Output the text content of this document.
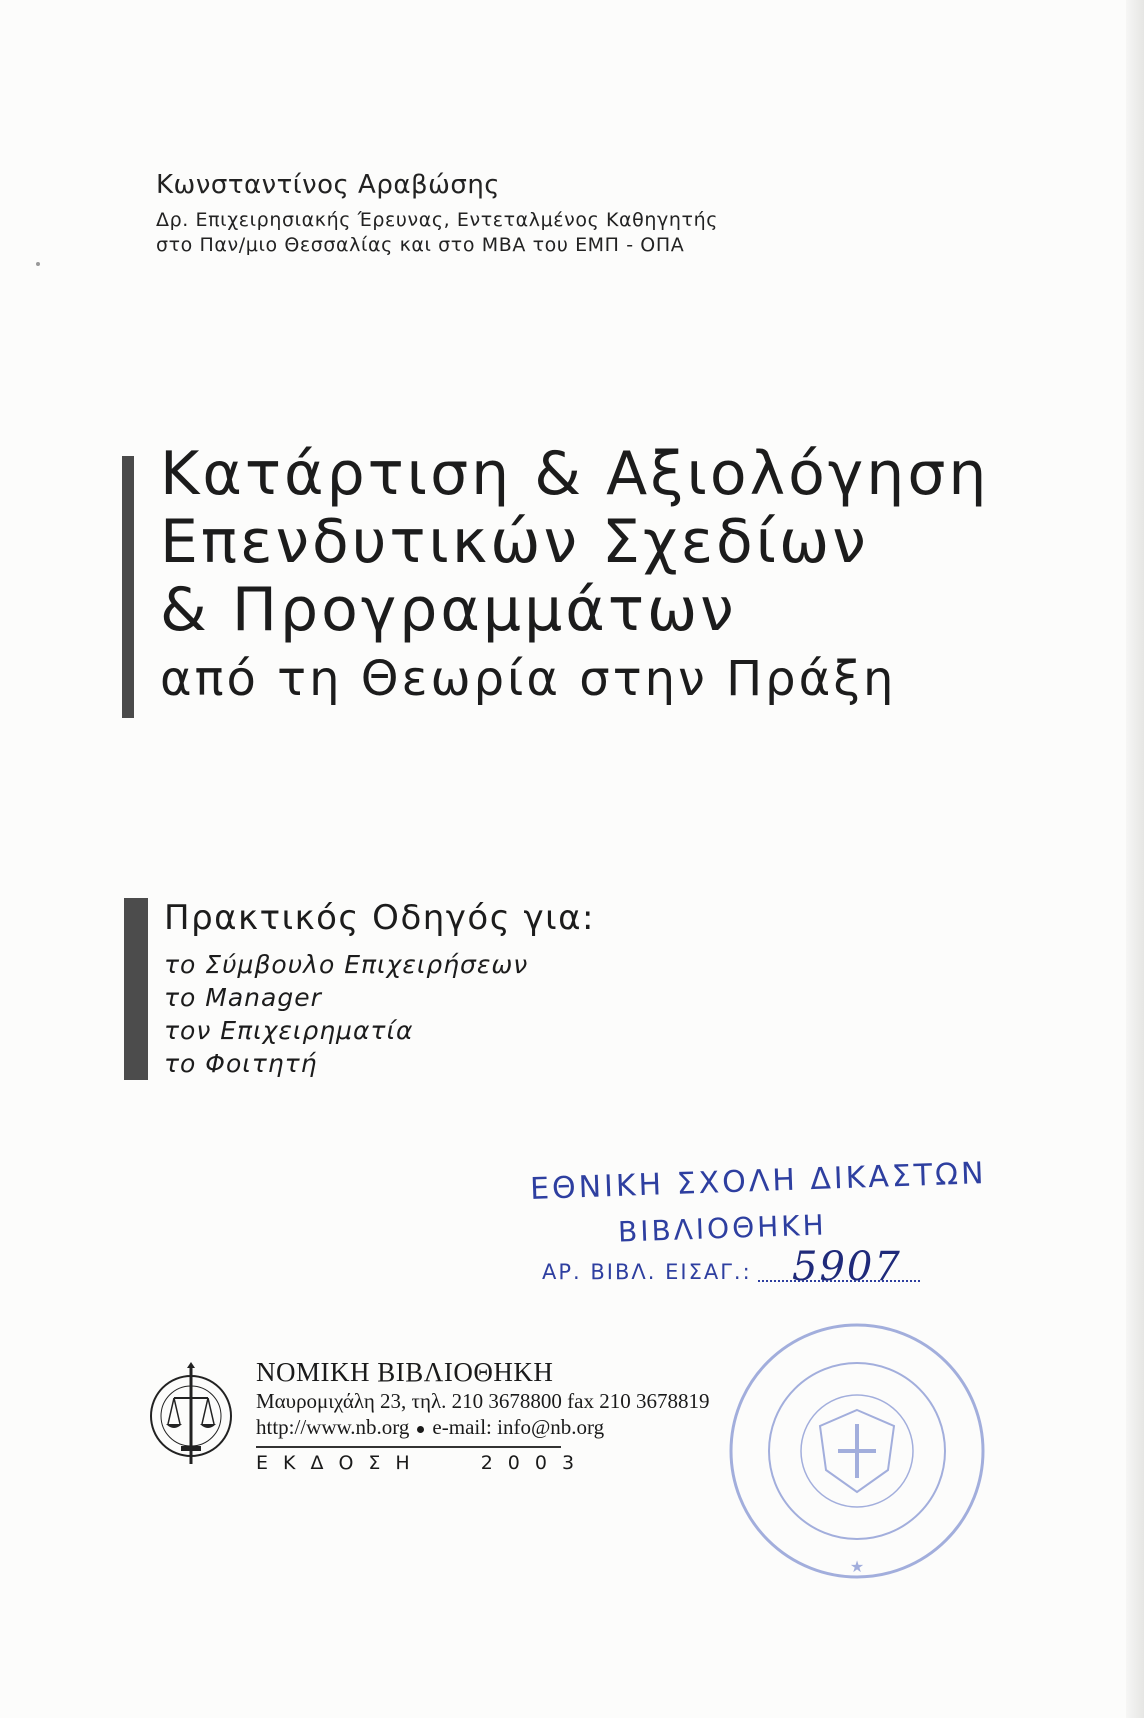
Κωνσταντίνος Αραβώσης
Δρ. Επιχειρησιακής Έρευνας, Εντεταλμένος Καθηγητής
στο Παν/μιο Θεσσαλίας και στο ΜΒΑ του ΕΜΠ - ΟΠΑ
Κατάρτιση & Αξιολόγηση
Επενδυτικών Σχεδίων
& Προγραμμάτων
από τη Θεωρία στην Πράξη
Πρακτικός Οδηγός για:
το Σύμβουλο Επιχειρήσεων
το Manager
τον Επιχειρηματία
το Φοιτητή
ΕΘΝΙΚΗ ΣΧΟΛΗ ΔΙΚΑΣΤΩΝ
ΒΙΒΛΙΟΘΗΚΗ
ΑΡ. ΒΙΒΛ. ΕΙΣΑΓ.: 5907
★
ΝΟΜΙΚΗ ΒΙΒΛΙΟΘΗΚΗ
Μαυρομιχάλη 23, τηλ. 210 3678800 fax 210 3678819
http://www.nb.org e-mail: info@nb.org
ΕΚΔΟΣΗ	2003
